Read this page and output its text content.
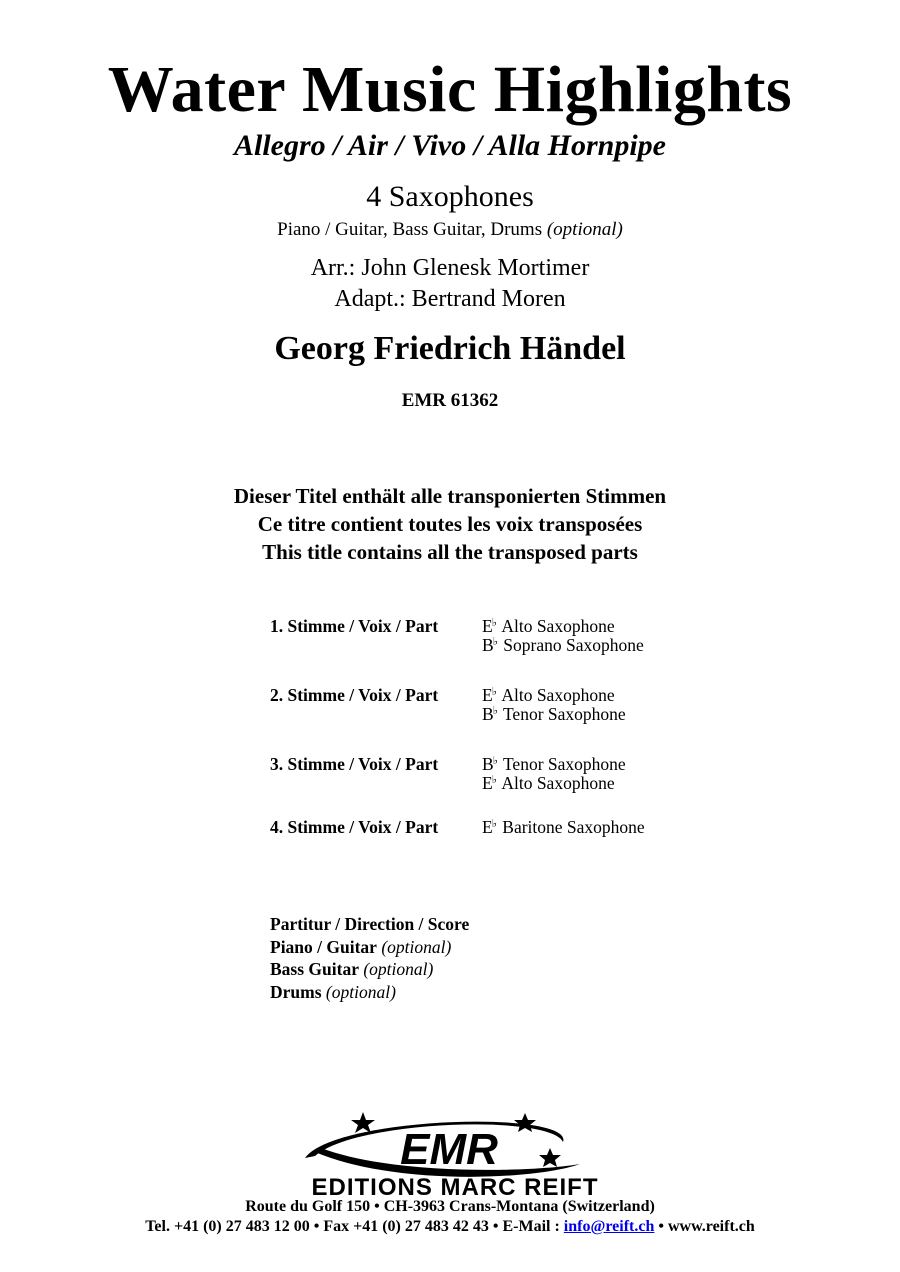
Water Music Highlights
Allegro / Air / Vivo / Alla Hornpipe
4 Saxophones
Piano / Guitar, Bass Guitar, Drums (optional)
Arr.: John Glenesk Mortimer
Adapt.: Bertrand Moren
Georg Friedrich Händel
EMR 61362
Dieser Titel enthält alle transponierten Stimmen
Ce titre contient toutes les voix transposées
This title contains all the transposed parts
1. Stimme / Voix / Part	E♭ Alto Saxophone
B♭ Soprano Saxophone
2. Stimme / Voix / Part	E♭ Alto Saxophone
B♭ Tenor Saxophone
3. Stimme / Voix / Part	B♭ Tenor Saxophone
E♭ Alto Saxophone
4. Stimme / Voix / Part	E♭ Baritone Saxophone
Partitur / Direction / Score
Piano / Guitar (optional)
Bass Guitar (optional)
Drums (optional)
EMR
EDITIONS MARC REIFT
Route du Golf 150 • CH-3963 Crans-Montana (Switzerland)
Tel. +41 (0) 27 483 12 00 • Fax +41 (0) 27 483 42 43 • E-Mail : info@reift.ch • www.reift.ch
